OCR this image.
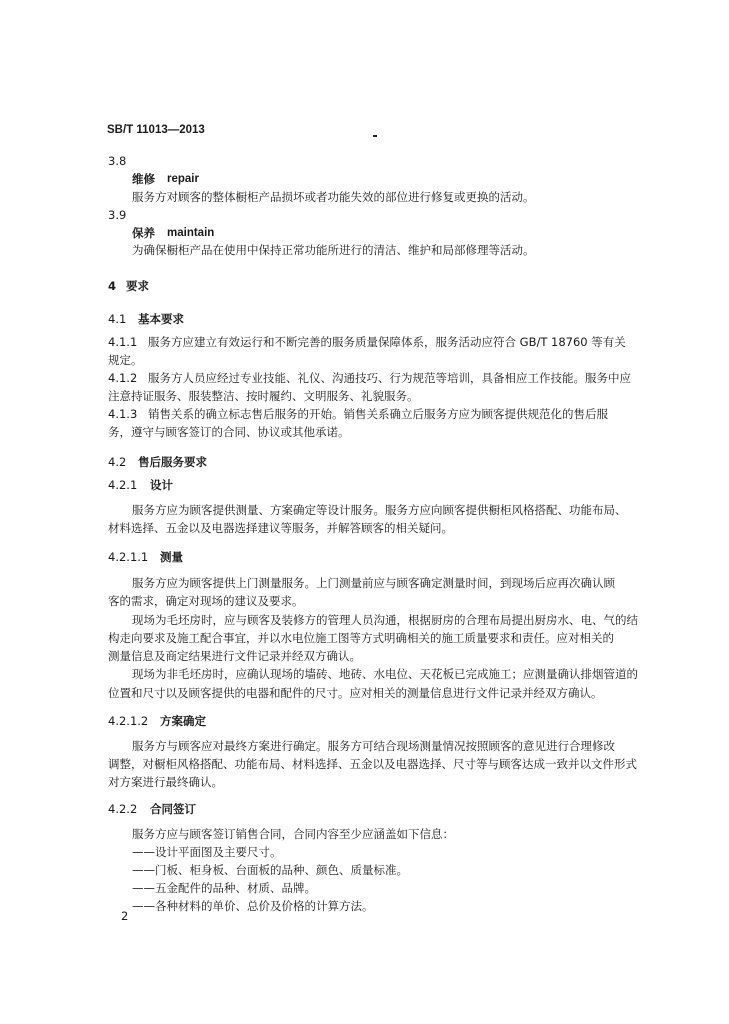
SB/T 11013—2013
3.8
维修 repair
服务方对顾客的整体橱柜产品损坏或者功能失效的部位进行修复或更换的活动。
3.9
保养 maintain
为确保橱柜产品在使用中保持正常功能所进行的清洁、维护和局部修理等活动。
4 要求
4.1 基本要求
4.1.1 服务方应建立有效运行和不断完善的服务质量保障体系，服务活动应符合 GB/T 18760 等有关
规定。
4.1.2 服务方人员应经过专业技能、礼仪、沟通技巧、行为规范等培训，具备相应工作技能。服务中应
注意持证服务、服装整洁、按时履约、文明服务、礼貌服务。
4.1.3 销售关系的确立标志售后服务的开始。销售关系确立后服务方应为顾客提供规范化的售后服
务，遵守与顾客签订的合同、协议或其他承诺。
4.2 售后服务要求
4.2.1 设计
服务方应为顾客提供测量、方案确定等设计服务。服务方应向顾客提供橱柜风格搭配、功能布局、
材料选择、五金以及电器选择建议等服务，并解答顾客的相关疑问。
4.2.1.1 测量
服务方应为顾客提供上门测量服务。上门测量前应与顾客确定测量时间，到现场后应再次确认顾
客的需求，确定对现场的建议及要求。
现场为毛坯房时，应与顾客及装修方的管理人员沟通，根据厨房的合理布局提出厨房水、电、气的结
构走向要求及施工配合事宜，并以水电位施工图等方式明确相关的施工质量要求和责任。应对相关的
测量信息及商定结果进行文件记录并经双方确认。
现场为非毛坯房时，应确认现场的墙砖、地砖、水电位、天花板已完成施工；应测量确认排烟管道的
位置和尺寸以及顾客提供的电器和配件的尺寸。应对相关的测量信息进行文件记录并经双方确认。
4.2.1.2 方案确定
服务方与顾客应对最终方案进行确定。服务方可结合现场测量情况按照顾客的意见进行合理修改
调整，对橱柜风格搭配、功能布局、材料选择、五金以及电器选择、尺寸等与顾客达成一致并以文件形式
对方案进行最终确认。
4.2.2 合同签订
服务方应与顾客签订销售合同，合同内容至少应涵盖如下信息：
——设计平面图及主要尺寸。
——门板、柜身板、台面板的品种、颜色、质量标准。
——五金配件的品种、材质、品牌。
——各种材料的单价、总价及价格的计算方法。
2
